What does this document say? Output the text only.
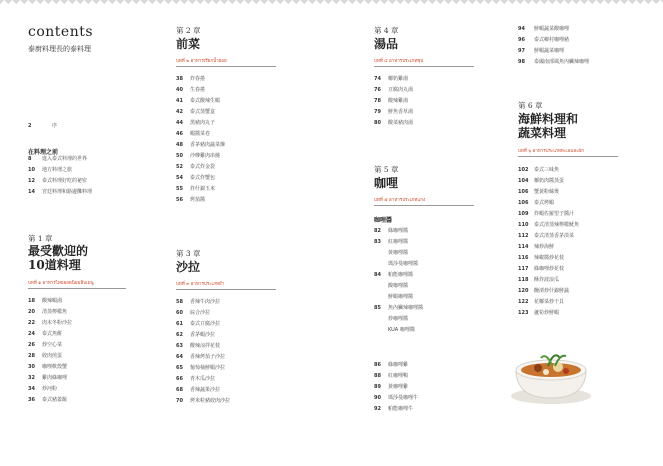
contents
泰廚料理長的泰料理
2	序
在料理之前
8	進入泰式料理的世界
10	地方料理之旅
12	泰式料理好吃的祕密
14	宮廷料理和路邊攤料理
第 1 章
最受歡迎的
10道料理
บทที่ ๑ อาหารไทยยอดนิยมสิบเมนู
18	酸辣蝦湯
20	清蒸檸檬魚
22	肉末冬粉沙拉
24	泰式魚餅
26	炒空心菜
28	絞肉煎蛋
30	咖哩軟殼蟹
32	雞肉綠咖哩
34	炒河粉
36	泰式豬蓋飯
第 2 章
前菜
บทที่ ๒ อาหารเรียกน้ำย่อย
38	炸春捲
40	生春捲
41	泰式酸辣生蝦
42	泰式蒸蟹盒
44	黑豬肉丸子
46	蝦醬菜卷
48	香茅豬肉蔬菜盤
50	沙嗲雞肉串燒
52	泰式炸金袋
54	泰式炸蟹包
55	炸什錦玉米
56	烤茄醬
第 3 章
沙拉
บทที่ ๓ อาหารประเภทยำ
58	香辣牛肉沙拉
60	綜合沙拉
61	泰式豆腐沙拉
62	香茅蝦沙拉
63	酸辣涼拌花枝
64	香辣烤茄子沙拉
65	葡萄柚鮮蝦沙拉
66	青木瓜沙拉
68	香辣蔬果沙拉
70	烤米粒豬絞肉沙拉
第 4 章
湯品
บทที่ ๔ อาหารประเภทซุป
74	椰奶雞湯
76	豆腐肉丸湯
78	酸辣雞湯
79	鮮魚香草湯
80	酸菜豬肉湯
第 5 章
咖哩
บทที่ ๕ อาหารประเภทแกง
咖哩醬
82	綠咖哩醬
83	紅咖哩醬
黃咖哩醬
瑪莎曼咖哩醬
84	帕能咖哩醬
酸咖哩醬
鮮蝦咖哩醬
85	魚內臟辣咖哩醬
炒咖哩醬
KUA 咖哩醬
86	綠咖哩雞
88	紅咖哩鴨
89	黃咖哩雞
90	瑪莎曼咖哩牛
92	帕能咖哩牛
94	鮮蝦蔬菜酸咖哩
96	泰式鄉村咖哩豬
97	鮮蝦蔬菜咖哩
98	泰國南部風魚內臟辣咖哩
第 6 章
海鮮料理和
蔬菜料理
บทที่ ๖ อาหารประเภททะเลและผัก
102	泰式三味魚
104	椰奶肉醬蒸蛋
106	蟹黃粉絲煲
106	泰式烤蝦
109	炸蝦佐羅望子醬汁
110	泰式清蒸辣檸檬魷魚
112	泰式清蒸香茅淡菜
114	辣炒海鮮
116	辣椒醬炒花枝
117	綠咖哩炒花枝
118	酥炸波浪瓜
120	醃漬炒什錦鮮蔬
122	花椰菜炒干貝
123	蘆筍炒鮮蝦
